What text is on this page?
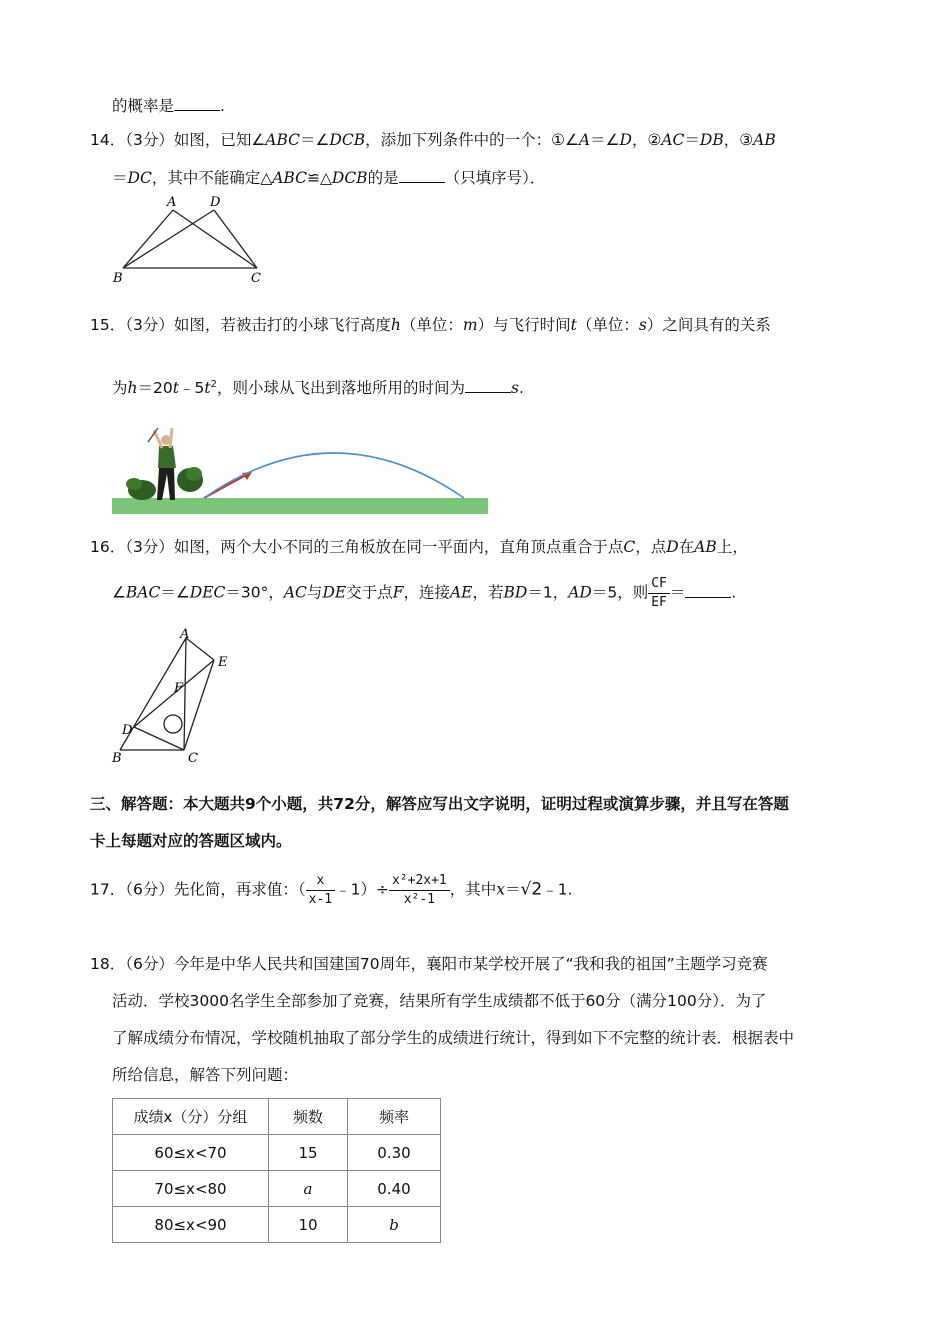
的概率是	.
14．（3分）如图，已知∠ABC＝∠DCB，添加下列条件中的一个：①∠A＝∠D，②AC＝DB，③AB
＝DC，其中不能确定△ABC≌△DCB的是	（只填序号）．
A	D
B	C
15．（3分）如图，若被击打的小球飞行高度h（单位：m）与飞行时间t（单位：s）之间具有的关系
为$h=20t﹣5t^2$，则小球从飞出到落地所用的时间为	s.
16．（3分）如图，两个大小不同的三角板放在同一平面内，直角顶点重合于点C，点D在AB上，
∠BAC＝∠DEC＝30°，AC与DE交于点F，连接AE，若BD＝1，AD＝5，则 $\frac{CF}{EF}$ ＝	.
A
E
F
D
B	C
三、解答题：本大题共9个小题，共72分，解答应写出文字说明，证明过程或演算步骤，并且写在答题
卡上每题对应的答题区域内。
17．（6分）先化简，再求值：（ $\frac{x}{x-1}$ ﹣1）÷ $\frac{\text{x²+2x+1}}{\text{x²-1}}$ ，其中x＝√2﹣1.
18．（6分）今年是中华人民共和国建国70周年，襄阳市某学校开展了“我和我的祖国”主题学习竞赛
活动．学校3000名学生全部参加了竞赛，结果所有学生成绩都不低于60分（满分100分）．为了
了解成绩分布情况，学校随机抽取了部分学生的成绩进行统计，得到如下不完整的统计表．根据表中
所给信息，解答下列问题：
成绩x（分）分组	频数	频率
60≤x<70	15	0.30
70≤x<80	a	0.40
80≤x<90	10	b
